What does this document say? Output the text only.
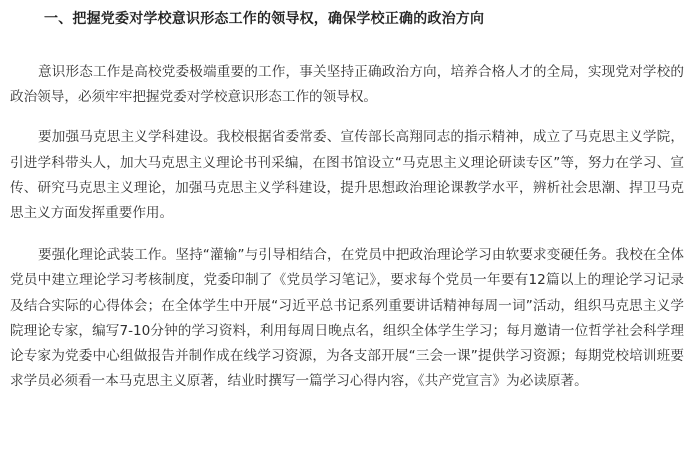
一、把握党委对学校意识形态工作的领导权，确保学校正确的政治方向

意识形态工作是高校党委极端重要的工作，事关坚持正确政治方向，培养合格人才的全局，实现党对学校的政治领导，必须牢牢把握党委对学校意识形态工作的领导权。

要加强马克思主义学科建设。我校根据省委常委、宣传部长高翔同志的指示精神，成立了马克思主义学院，引进学科带头人，加大马克思主义理论书刊采编，在图书馆设立“马克思主义理论研读专区”等，努力在学习、宣传、研究马克思主义理论，加强马克思主义学科建设，提升思想政治理论课教学水平，辨析社会思潮、捍卫马克思主义方面发挥重要作用。

要强化理论武装工作。坚持“灌输”与引导相结合，在党员中把政治理论学习由软要求变硬任务。我校在全体党员中建立理论学习考核制度，党委印制了《党员学习笔记》，要求每个党员一年要有12篇以上的理论学习记录及结合实际的心得体会；在全体学生中开展“习近平总书记系列重要讲话精神每周一词”活动，组织马克思主义学院理论专家，编写7-10分钟的学习资料，利用每周日晚点名，组织全体学生学习；每月邀请一位哲学社会科学理论专家为党委中心组做报告并制作成在线学习资源，为各支部开展“三会一课”提供学习资源；每期党校培训班要求学员必须看一本马克思主义原著，结业时撰写一篇学习心得内容，《共产党宣言》为必读原著。
